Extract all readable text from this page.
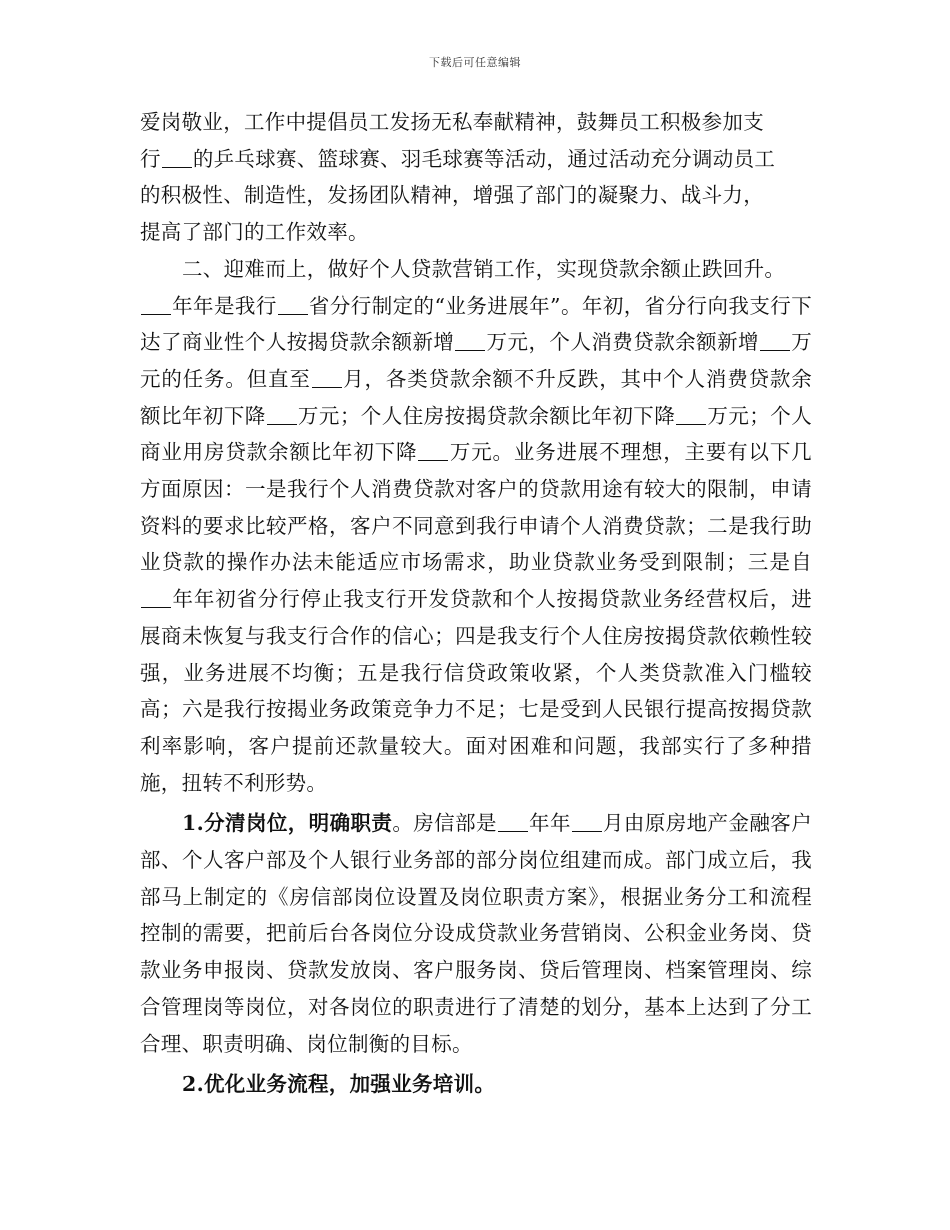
下载后可任意编辑

爱岗敬业，工作中提倡员工发扬无私奉献精神，鼓舞员工积极参加支
行 的乒乓球赛、篮球赛、羽毛球赛等活动，通过活动充分调动员工
的积极性、制造性，发扬团队精神，增强了部门的凝聚力、战斗力，
提高了部门的工作效率。

二、迎难而上，做好个人贷款营销工作，实现贷款余额止跌回升。

年年是我行 省分行制定的“业务进展年”。年初，省分行向我支行下达了商业性个人按揭贷款余额新增 万元，个人消费贷款余额新增 万元的任务。但直至 月，各类贷款余额不升反跌，其中个人消费贷款余额比年初下降 万元；个人住房按揭贷款余额比年初下降 万元；个人商业用房贷款余额比年初下降 万元。业务进展不理想，主要有以下几方面原因：一是我行个人消费贷款对客户的贷款用途有较大的限制，申请资料的要求比较严格，客户不同意到我行申请个人消费贷款；二是我行助业贷款的操作办法未能适应市场需求，助业贷款业务受到限制；三是自年年初省分行停止我支行开发贷款和个人按揭贷款业务经营权后，进展商未恢复与我支行合作的信心；四是我支行个人住房按揭贷款依赖性较强，业务进展不均衡；五是我行信贷政策收紧，个人类贷款准入门槛较高；六是我行按揭业务政策竞争力不足；七是受到人民银行提高按揭贷款利率影响，客户提前还款量较大。面对困难和问题，我部实行了多种措施，扭转不利形势。

1.分清岗位，明确职责。房信部是 年年 月由原房地产金融客户部、个人客户部及个人银行业务部的部分岗位组建而成。部门成立后，我部马上制定的《房信部岗位设置及岗位职责方案》，根据业务分工和流程控制的需要，把前后台各岗位分设成贷款业务营销岗、公积金业务岗、贷款业务申报岗、贷款发放岗、客户服务岗、贷后管理岗、档案管理岗、综合管理岗等岗位，对各岗位的职责进行了清楚的划分，基本上达到了分工合理、职责明确、岗位制衡的目标。

2.优化业务流程，加强业务培训。
